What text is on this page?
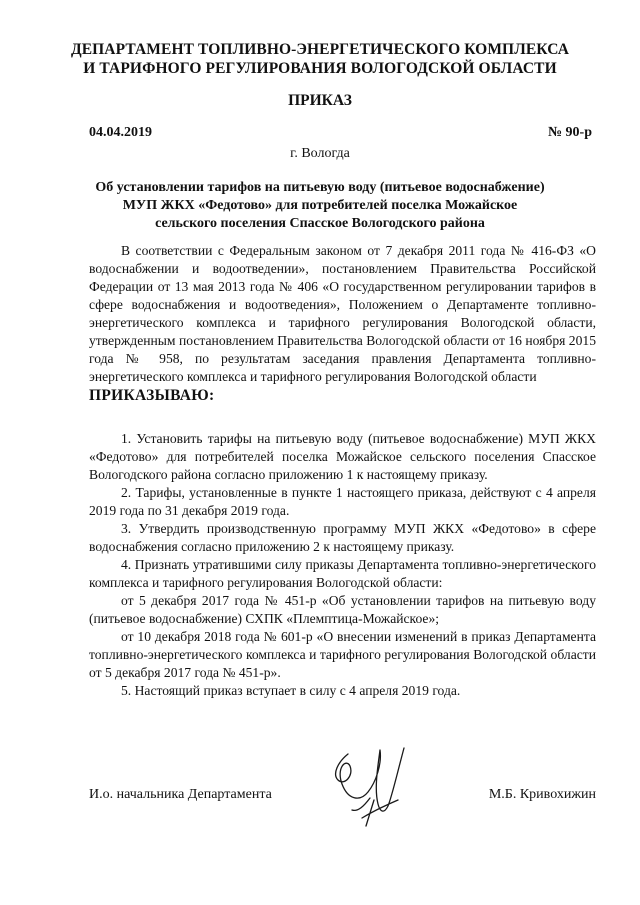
ДЕПАРТАМЕНТ ТОПЛИВНО-ЭНЕРГЕТИЧЕСКОГО КОМПЛЕКСА
И ТАРИФНОГО РЕГУЛИРОВАНИЯ ВОЛОГОДСКОЙ ОБЛАСТИ
ПРИКАЗ
04.04.2019	№ 90-р
г. Вологда
Об установлении тарифов на питьевую воду (питьевое водоснабжение)
МУП ЖКХ «Федотово» для потребителей поселка Можайское
сельского поселения Спасское Вологодского района

В соответствии с Федеральным законом от 7 декабря 2011 года № 416-ФЗ «О водоснабжении и водоотведении», постановлением Правительства Российской Федерации от 13 мая 2013 года № 406 «О государственном регулировании тарифов в сфере водоснабжения и водоотведения», Положением о Департаменте топливно-энергетического комплекса и тарифного регулирования Вологодской области, утвержденным постановлением Правительства Вологодской области от 16 ноября 2015 года № 958, по результатам заседания правления Департамента топливно-энергетического комплекса и тарифного регулирования Вологодской области

ПРИКАЗЫВАЮ:

1. Установить тарифы на питьевую воду (питьевое водоснабжение) МУП ЖКХ «Федотово» для потребителей поселка Можайское сельского поселения Спасское Вологодского района согласно приложению 1 к настоящему приказу.

2. Тарифы, установленные в пункте 1 настоящего приказа, действуют с 4 апреля 2019 года по 31 декабря 2019 года.

3. Утвердить производственную программу МУП ЖКХ «Федотово» в сфере водоснабжения согласно приложению 2 к настоящему приказу.

4. Признать утратившими силу приказы Департамента топливно-энергетического комплекса и тарифного регулирования Вологодской области:

от 5 декабря 2017 года № 451-р «Об установлении тарифов на питьевую воду (питьевое водоснабжение) СХПК «Племптица-Можайское»;

от 10 декабря 2018 года № 601-р «О внесении изменений в приказ Департамента топливно-энергетического комплекса и тарифного регулирования Вологодской области от 5 декабря 2017 года № 451-р».

5. Настоящий приказ вступает в силу с 4 апреля 2019 года.

И.о. начальника Департамента	М.Б. Кривохижин
